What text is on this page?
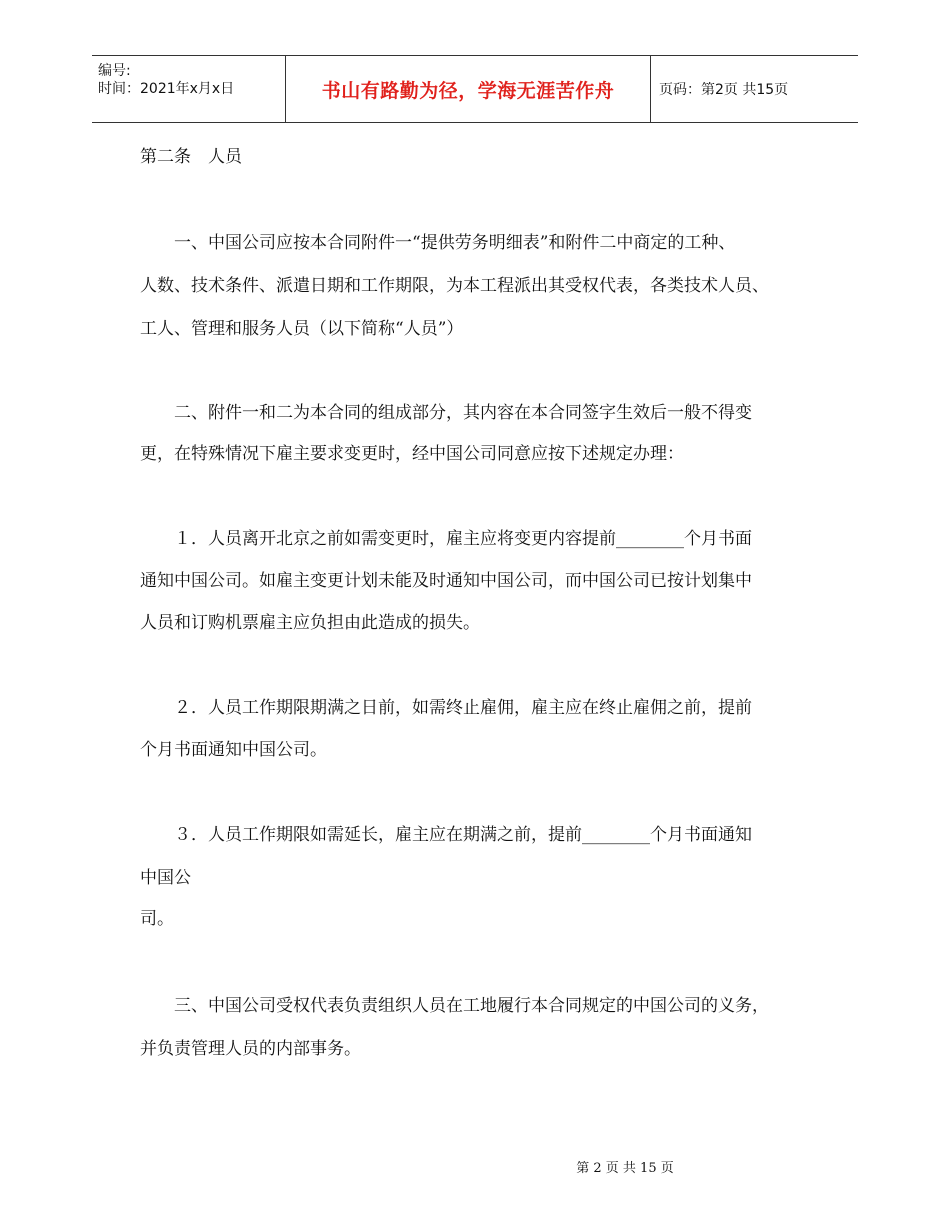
编号:
时间：2021年x月x日	书山有路勤为径，学海无涯苦作舟	页码：第2页 共15页
第二条　人员
　　一、中国公司应按本合同附件一“提供劳务明细表”和附件二中商定的工种、
人数、技术条件、派遣日期和工作期限，为本工程派出其受权代表，各类技术人员、
工人、管理和服务人员（以下简称“人员”）
　　二、附件一和二为本合同的组成部分，其内容在本合同签字生效后一般不得变
更，在特殊情况下雇主要求变更时，经中国公司同意应按下述规定办理：
　　１．人员离开北京之前如需变更时，雇主应将变更内容提前________个月书面
通知中国公司。如雇主变更计划未能及时通知中国公司，而中国公司已按计划集中
人员和订购机票雇主应负担由此造成的损失。
　　２．人员工作期限期满之日前，如需终止雇佣，雇主应在终止雇佣之前，提前
个月书面通知中国公司。
　　３．人员工作期限如需延长，雇主应在期满之前，提前________个月书面通知
中国公
司。
　　三、中国公司受权代表负责组织人员在工地履行本合同规定的中国公司的义务，
并负责管理人员的内部事务。
第 2 页 共 15 页
